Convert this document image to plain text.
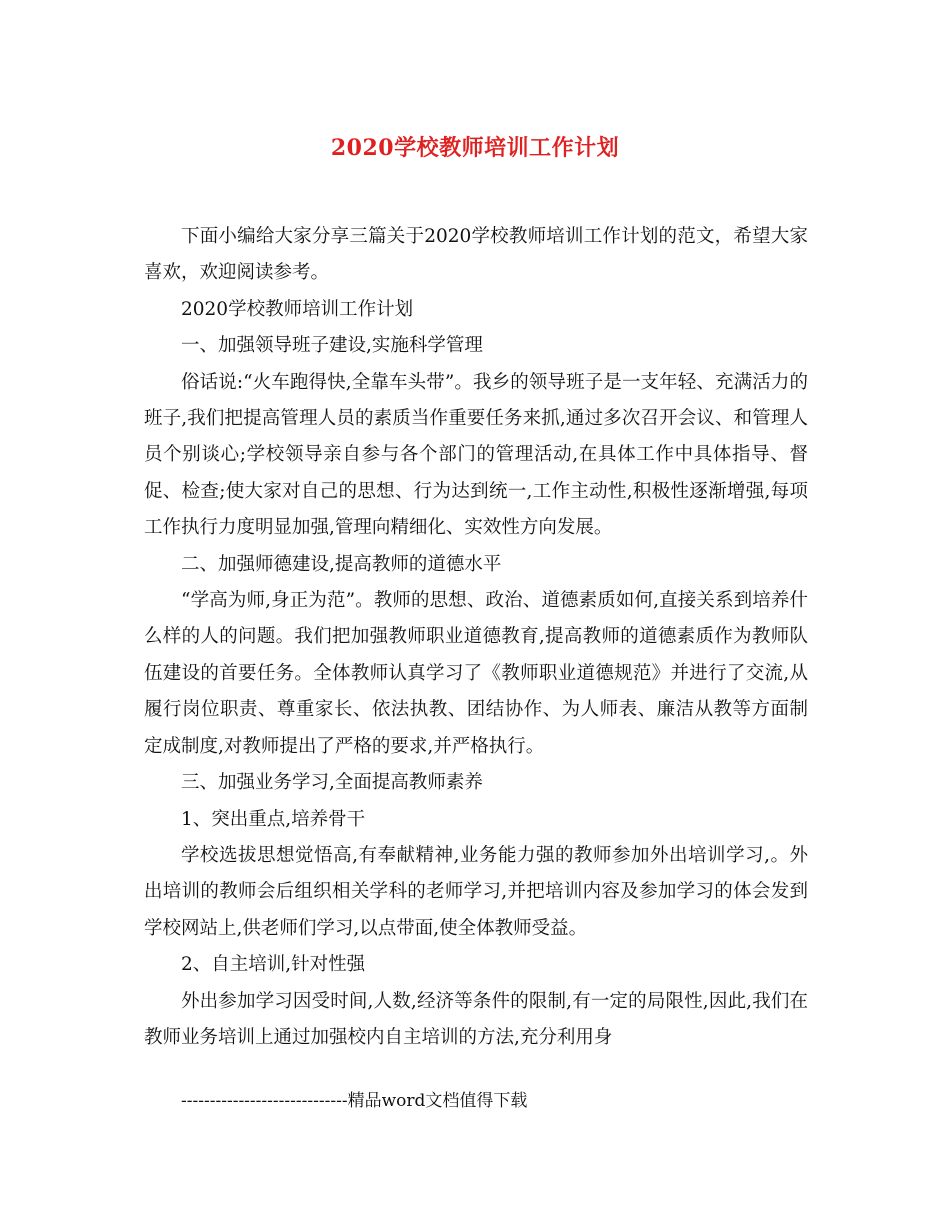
2020学校教师培训工作计划

下面小编给大家分享三篇关于2020学校教师培训工作计划的范文，希望大家喜欢，欢迎阅读参考。

2020学校教师培训工作计划

一、加强领导班子建设,实施科学管理

俗话说:“火车跑得快,全靠车头带”。我乡的领导班子是一支年轻、充满活力的班子,我们把提高管理人员的素质当作重要任务来抓,通过多次召开会议、和管理人员个别谈心;学校领导亲自参与各个部门的管理活动,在具体工作中具体指导、督促、检查;使大家对自己的思想、行为达到统一,工作主动性,积极性逐渐增强,每项工作执行力度明显加强,管理向精细化、实效性方向发展。

二、加强师德建设,提高教师的道德水平

“学高为师,身正为范”。教师的思想、政治、道德素质如何,直接关系到培养什么样的人的问题。我们把加强教师职业道德教育,提高教师的道德素质作为教师队伍建设的首要任务。全体教师认真学习了《教师职业道德规范》并进行了交流,从履行岗位职责、尊重家长、依法执教、团结协作、为人师表、廉洁从教等方面制定成制度,对教师提出了严格的要求,并严格执行。

三、加强业务学习,全面提高教师素养

1、突出重点,培养骨干

学校选拔思想觉悟高,有奉献精神,业务能力强的教师参加外出培训学习,。外出培训的教师会后组织相关学科的老师学习,并把培训内容及参加学习的体会发到学校网站上,供老师们学习,以点带面,使全体教师受益。

2、自主培训,针对性强

外出参加学习因受时间,人数,经济等条件的限制,有一定的局限性,因此,我们在教师业务培训上通过加强校内自主培训的方法,充分利用身

-----------------------------精品word文档值得下载
